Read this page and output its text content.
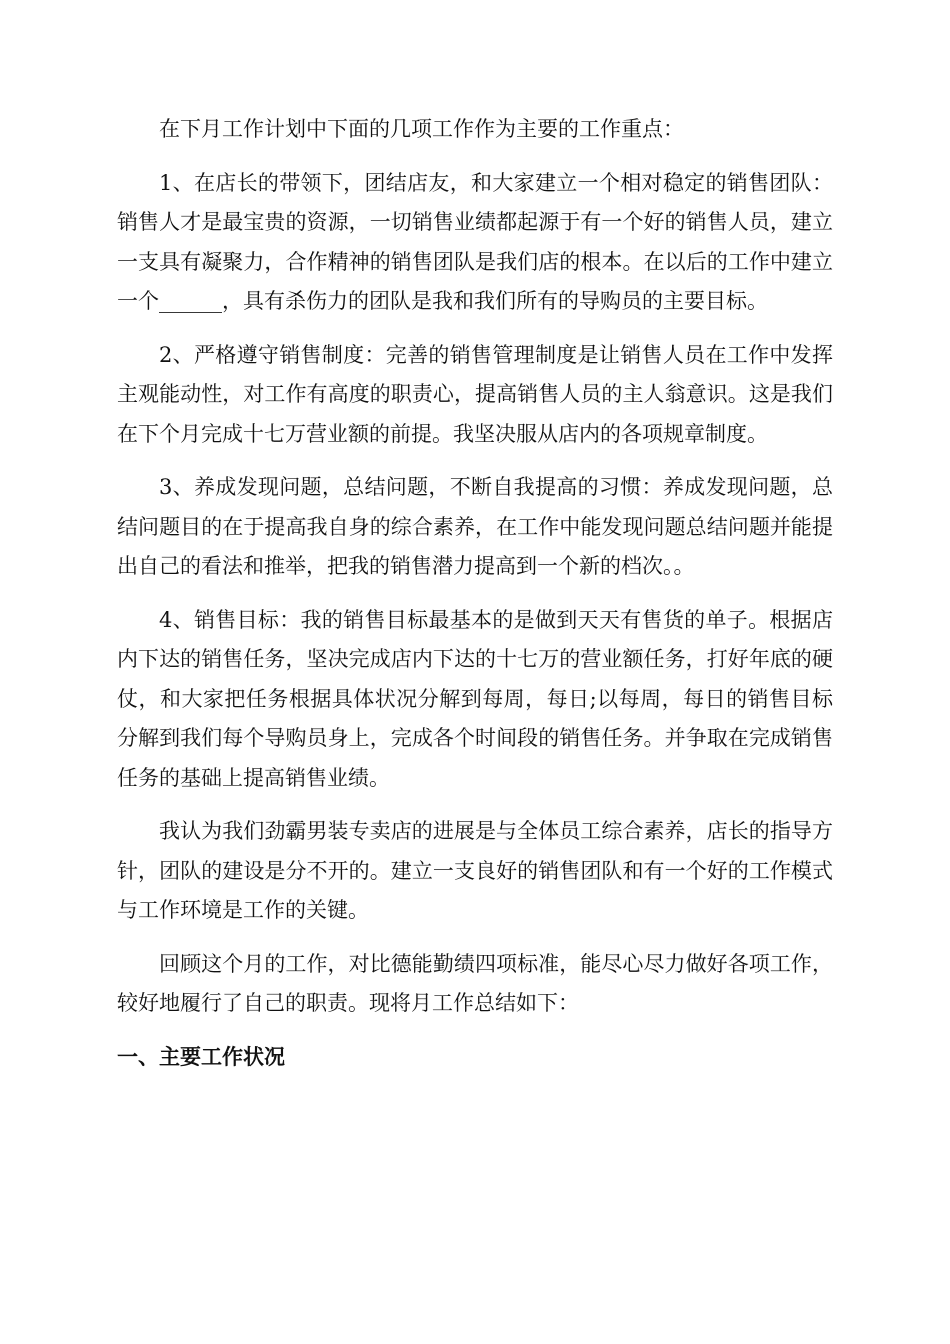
在下月工作计划中下面的几项工作作为主要的工作重点：

1、在店长的带领下，团结店友，和大家建立一个相对稳定的销售团队：销售人才是最宝贵的资源，一切销售业绩都起源于有一个好的销售人员，建立一支具有凝聚力，合作精神的销售团队是我们店的根本。在以后的工作中建立一个______，具有杀伤力的团队是我和我们所有的导购员的主要目标。

2、严格遵守销售制度：完善的销售管理制度是让销售人员在工作中发挥主观能动性，对工作有高度的职责心，提高销售人员的主人翁意识。这是我们在下个月完成十七万营业额的前提。我坚决服从店内的各项规章制度。

3、养成发现问题，总结问题，不断自我提高的习惯：养成发现问题，总结问题目的在于提高我自身的综合素养，在工作中能发现问题总结问题并能提出自己的看法和推举，把我的销售潜力提高到一个新的档次。。

4、销售目标：我的销售目标最基本的是做到天天有售货的单子。根据店内下达的销售任务，坚决完成店内下达的十七万的营业额任务，打好年底的硬仗，和大家把任务根据具体状况分解到每周，每日;以每周，每日的销售目标分解到我们每个导购员身上，完成各个时间段的销售任务。并争取在完成销售任务的基础上提高销售业绩。

我认为我们劲霸男装专卖店的进展是与全体员工综合素养，店长的指导方针，团队的建设是分不开的。建立一支良好的销售团队和有一个好的工作模式与工作环境是工作的关键。

回顾这个月的工作，对比德能勤绩四项标准，能尽心尽力做好各项工作，较好地履行了自己的职责。现将月工作总结如下：

一、主要工作状况
